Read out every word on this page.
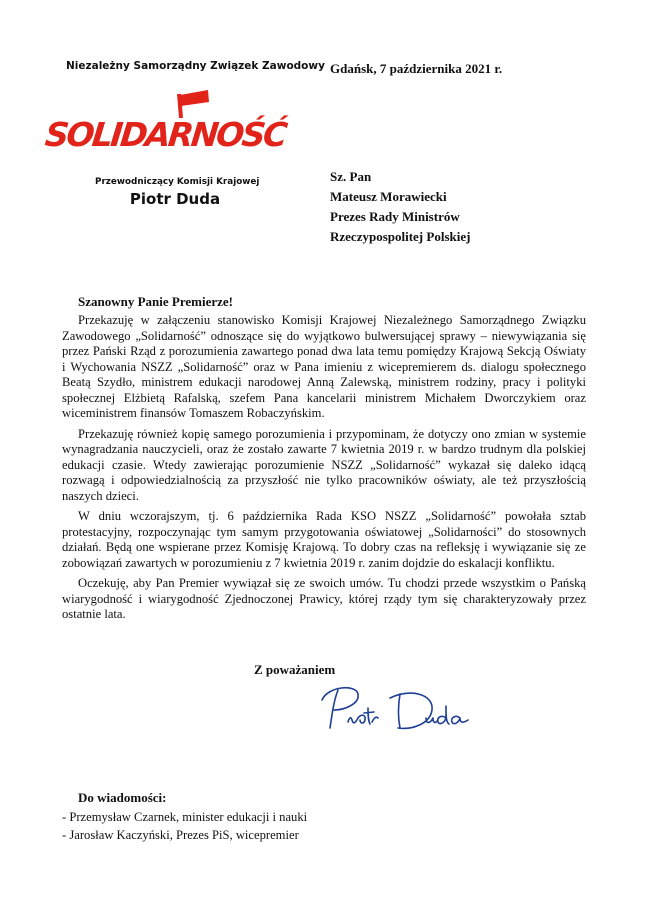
Niezależny Samorządny Związek Zawodowy
SOLIDARNOŚĆ
Przewodniczący Komisji Krajowej
Piotr Duda
Gdańsk, 7 października 2021 r.
Sz. Pan
Mateusz Morawiecki
Prezes Rady Ministrów
Rzeczypospolitej Polskiej
Szanowny Panie Premierze!

Przekazuję w załączeniu stanowisko Komisji Krajowej Niezależnego Samorządnego Związku Zawodowego „Solidarność” odnoszące się do wyjątkowo bulwersującej sprawy – niewywiązania się przez Pański Rząd z porozumienia zawartego ponad dwa lata temu pomiędzy Krajową Sekcją Oświaty i Wychowania NSZZ „Solidarność” oraz w Pana imieniu z wicepremierem ds. dialogu społecznego Beatą Szydło, ministrem edukacji narodowej Anną Zalewską, ministrem rodziny, pracy i polityki społecznej Elżbietą Rafalską, szefem Pana kancelarii ministrem Michałem Dworczykiem oraz wiceministrem finansów Tomaszem Robaczyńskim.

Przekazuję również kopię samego porozumienia i przypominam, że dotyczy ono zmian w systemie wynagradzania nauczycieli, oraz że zostało zawarte 7 kwietnia 2019 r. w bardzo trudnym dla polskiej edukacji czasie. Wtedy zawierając porozumienie NSZZ „Solidarność” wykazał się daleko idącą rozwagą i odpowiedzialnością za przyszłość nie tylko pracowników oświaty, ale też przyszłością naszych dzieci.

W dniu wczorajszym, tj. 6 października Rada KSO NSZZ „Solidarność” powołała sztab protestacyjny, rozpoczynając tym samym przygotowania oświatowej „Solidarności” do stosownych działań. Będą one wspierane przez Komisję Krajową. To dobry czas na refleksję i wywiązanie się ze zobowiązań zawartych w porozumieniu z 7 kwietnia 2019 r. zanim dojdzie do eskalacji konfliktu.

Oczekuję, aby Pan Premier wywiązał się ze swoich umów. Tu chodzi przede wszystkim o Pańską wiarygodność i wiarygodność Zjednoczonej Prawicy, której rządy tym się charakteryzowały przez ostatnie lata.

Z poważaniem
Do wiadomości:
- Przemysław Czarnek, minister edukacji i nauki
- Jarosław Kaczyński, Prezes PiS, wicepremier
